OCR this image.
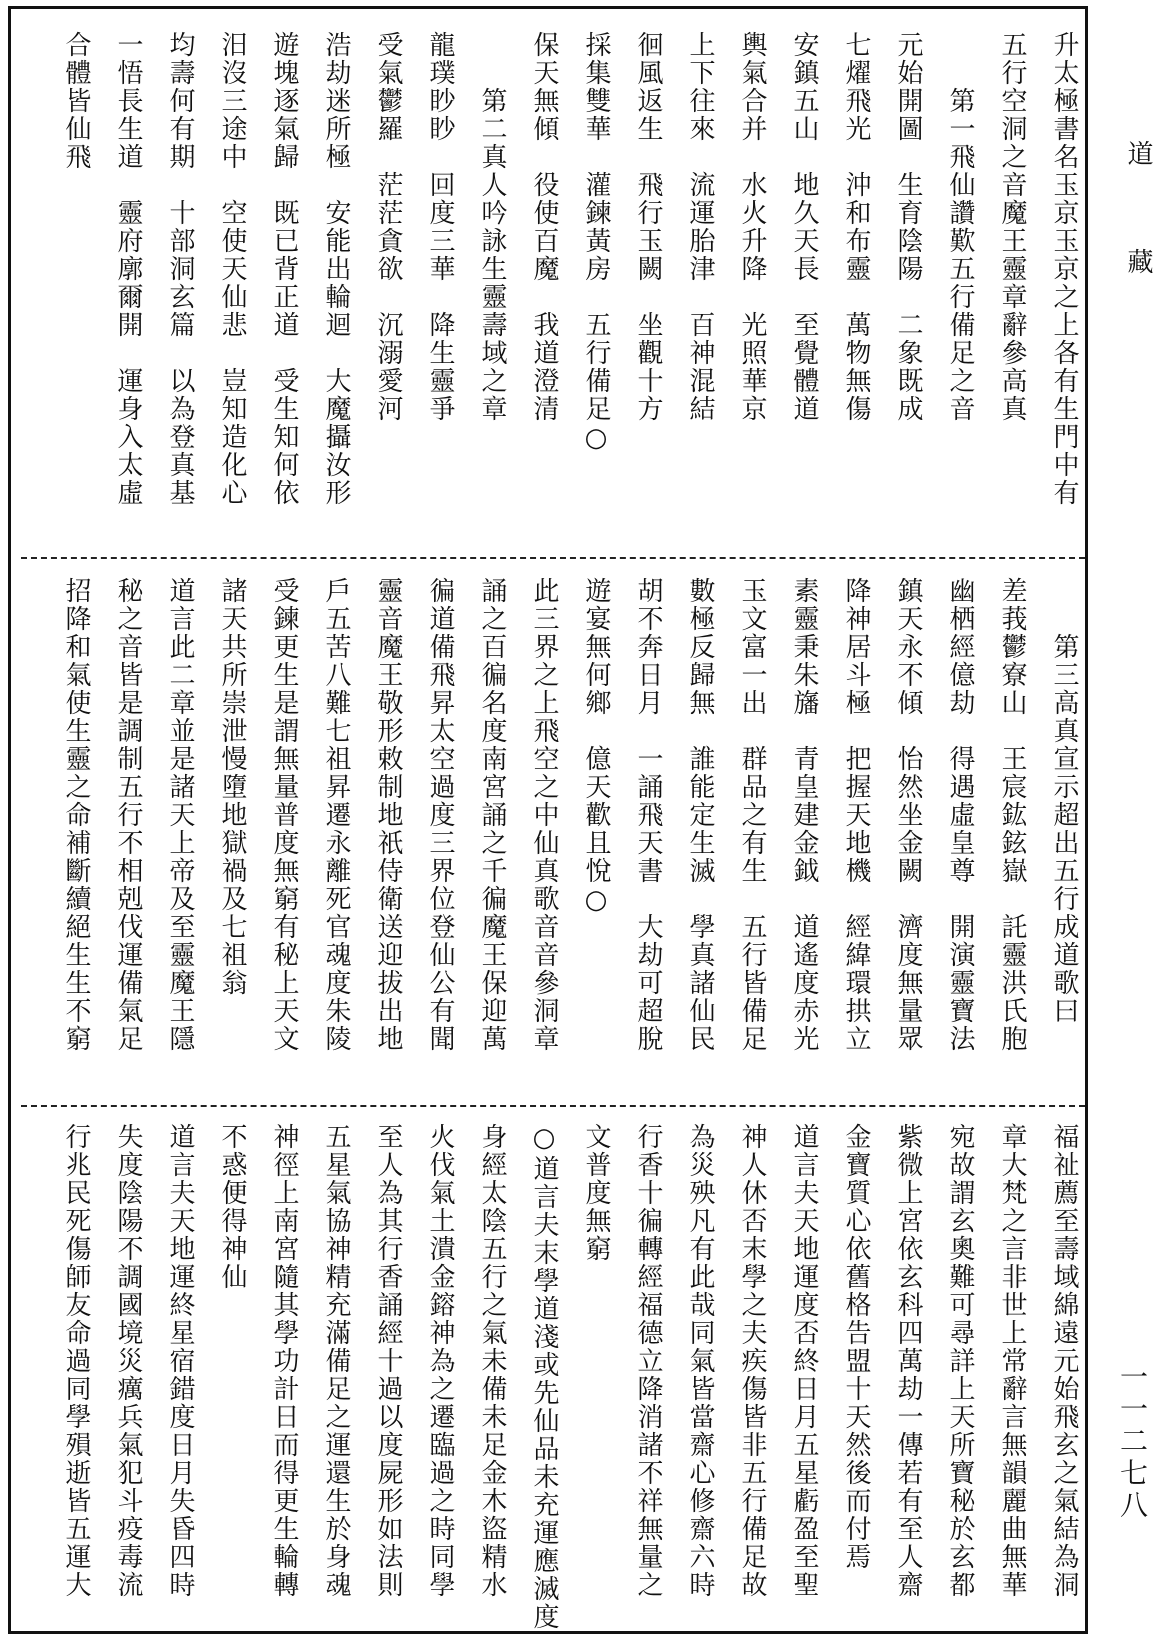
升太極書名玉京玉京之上各有生門中有
五行空洞之音魔王靈章辭參高真
　　第一飛仙讚歎五行備足之音
元始開圖　生育陰陽　二象既成
七燿飛光　沖和布靈　萬物無傷
安鎮五山　地久天長　至覺體道
輿氣合并　水火升降　光照華京
上下往來　流運胎津　百神混結
徊風返生　飛行玉闕　坐觀十方
採集雙華　灌鍊黃房　五行備足○
保天無傾　役使百魔　我道澄清
　　第二真人吟詠生靈壽域之章
龍璞眇眇　回度三華　降生靈爭
受氣鬱羅　茫茫貪欲　沉溺愛河
浩劫迷所極　安能出輪迴　大魔攝汝形
遊塊逐氣歸　既已背正道　受生知何依
汨沒三途中　空使天仙悲　豈知造化心
均壽何有期　十部洞玄篇　以為登真基
一悟長生道　靈府廓爾開　運身入太虛
合體皆仙飛
　　第三高真宣示超出五行成道歌曰
差莪鬱寮山　王宸鈜鉉嶽　託靈洪氏胞
幽栖經億劫　得遇虛皇尊　開演靈寶法
鎮天永不傾　怡然坐金闕　濟度無量眾
降神居斗極　把握天地機　經緯環拱立
素靈秉朱旛　青皇建金鉞　道遙度赤光
玉文富一出　群品之有生　五行皆備足
數極反歸無　誰能定生滅　學真諸仙民
胡不奔日月　一誦飛天書　大劫可超脫
遊宴無何鄉　億天歡且悅○
此三界之上飛空之中仙真歌音音參洞章
誦之百徧名度南宮誦之千徧魔王保迎萬
徧道備飛昇太空過度三界位登仙公有聞
靈音魔王敬形敕制地祇侍衛送迎拔出地
戶五苦八難七祖昇遷永離死官魂度朱陵
受鍊更生是謂無量普度無窮有秘上天文
諸天共所崇泄慢墮地獄禍及七祖翁
道言此二章並是諸天上帝及至靈魔王隱
秘之音皆是調制五行不相剋伐運備氣足
招降和氣使生靈之命補斷續絕生生不窮
福祉薦至壽域綿遠元始飛玄之氣結為洞
章大梵之言非世上常辭言無韻麗曲無華
宛故謂玄奧難可尋詳上天所寶秘於玄都
紫微上宮依玄科四萬劫一傳若有至人齋
金寶質心依舊格告盟十天然後而付焉
道言夫天地運度否終日月五星虧盈至聖
神人休否末學之夫疾傷皆非五行備足故
為災殃凡有此哉同氣皆當齋心修齋六時
行香十徧轉經福德立降消諸不祥無量之
文普度無窮
○道言夫末學道淺或先仙品未充運應滅度
身經太陰五行之氣未備未足金木盜精水
火伐氣土潰金鎔神為之遷臨過之時同學
至人為其行香誦經十過以度屍形如法則
五星氣協神精充滿備足之運還生於身魂
神徑上南宮隨其學功計日而得更生輪轉
不惑便得神仙
道言夫天地運終星宿錯度日月失昏四時
失度陰陽不調國境災癘兵氣犯斗疫毒流
行兆民死傷師友命過同學殞逝皆五運大
道
藏
一一二七八
